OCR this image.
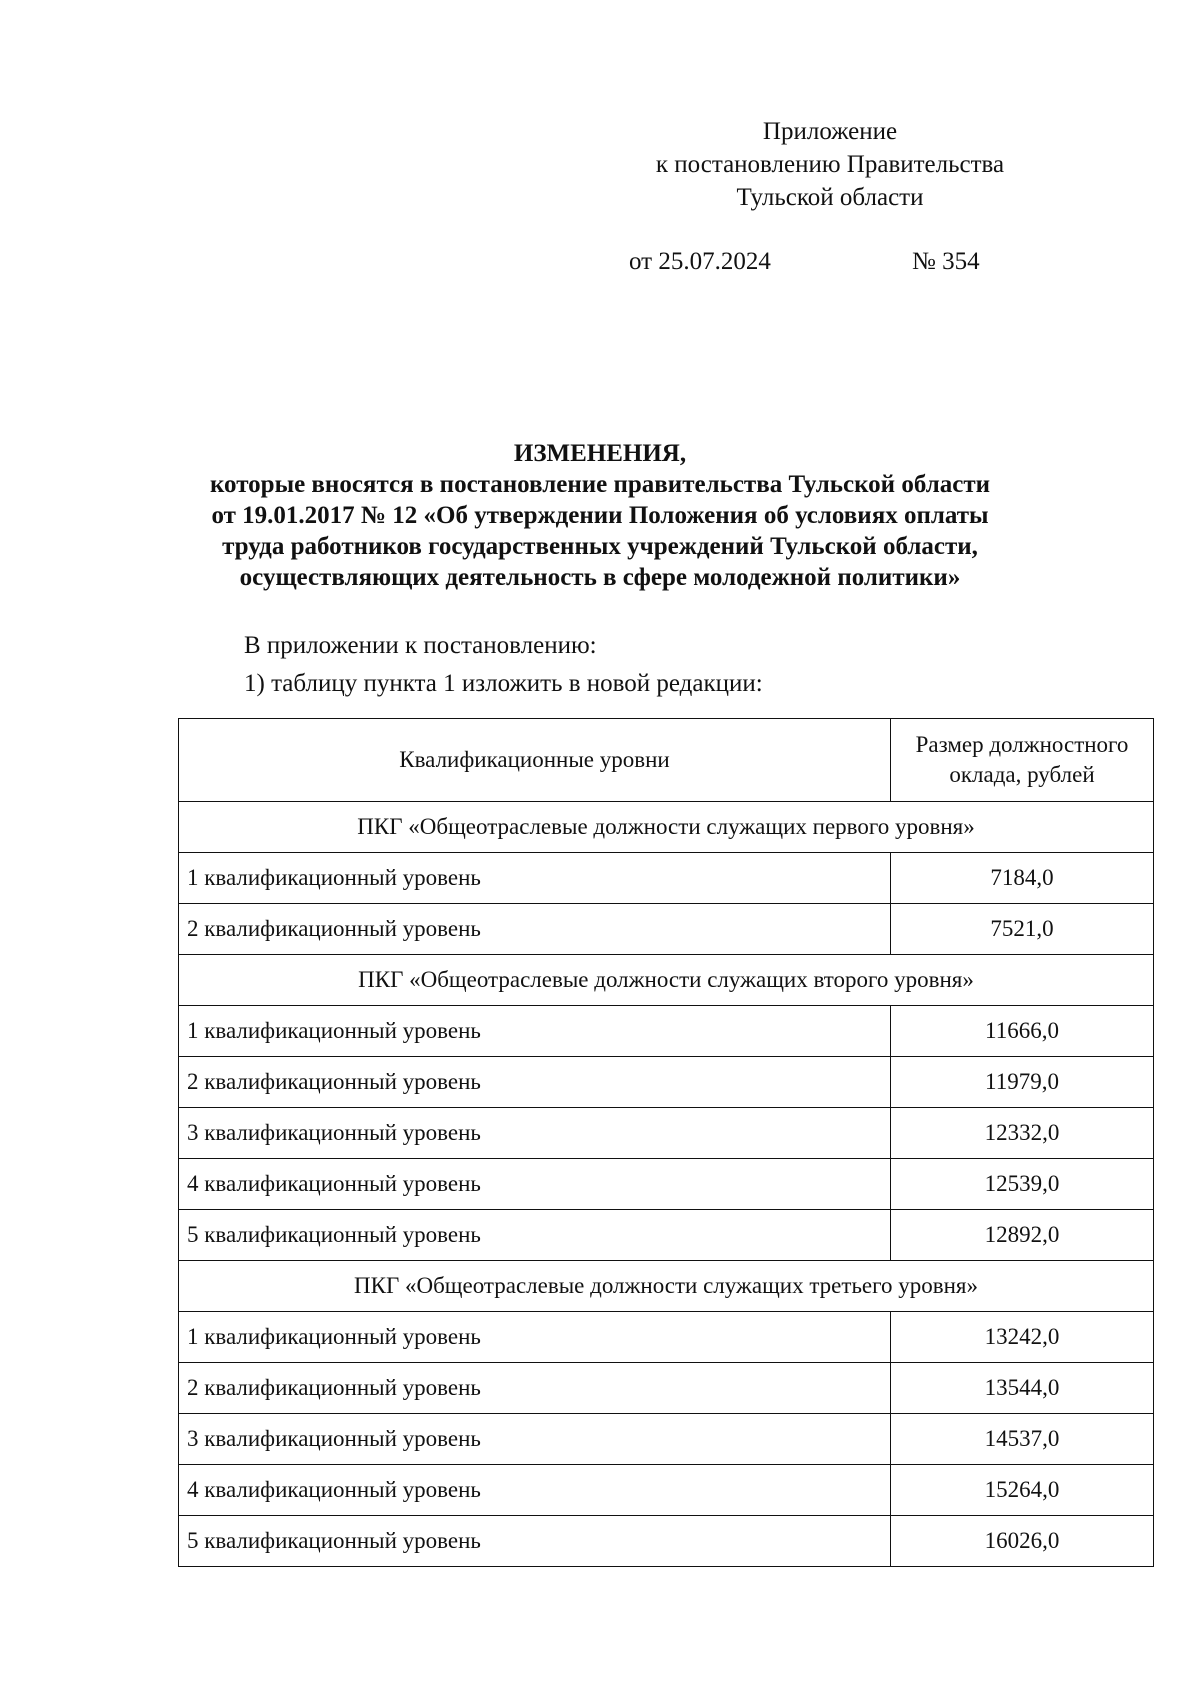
Приложение
к постановлению Правительства
Тульской области
от 25.07.2024	№ 354
ИЗМЕНЕНИЯ,
которые вносятся в постановление правительства Тульской области
от 19.01.2017 № 12 «Об утверждении Положения об условиях оплаты
труда работников государственных учреждений Тульской области,
осуществляющих деятельность в сфере молодежной политики»
В приложении к постановлению:
1) таблицу пункта 1 изложить в новой редакции:
Квалификационные уровни	Размер должностного
оклада, рублей

ПКГ «Общеотраслевые должности служащих первого уровня»	
1 квалификационный уровень	7184,0
2 квалификационный уровень	7521,0
ПКГ «Общеотраслевые должности служащих второго уровня»	
1 квалификационный уровень	11666,0
2 квалификационный уровень	11979,0
3 квалификационный уровень	12332,0
4 квалификационный уровень	12539,0
5 квалификационный уровень	12892,0
ПКГ «Общеотраслевые должности служащих третьего уровня»	
1 квалификационный уровень	13242,0
2 квалификационный уровень	13544,0
3 квалификационный уровень	14537,0
4 квалификационный уровень	15264,0
5 квалификационный уровень	16026,0
